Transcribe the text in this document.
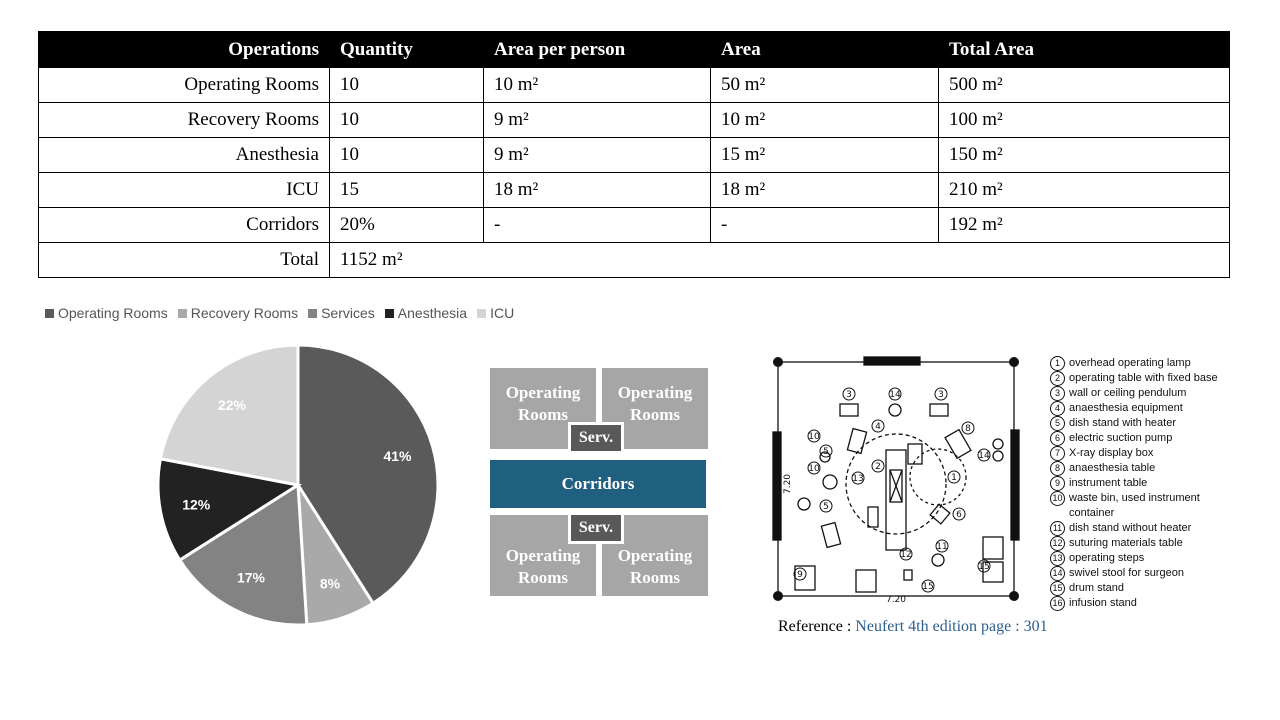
Operations	Quantity	Area per person	Area	Total Area
Operating Rooms	10	10 m²	50 m²	500 m²
Recovery Rooms	10	9 m²	10 m²	100 m²
Anesthesia	10	9 m²	15 m²	150 m²
ICU	15	18 m²	18 m²	210 m²
Corridors	20%	-	-	192 m²
Total	1152 m²			
Operating Rooms Recovery Rooms Services Anesthesia ICU
41%
8%
17%
12%
22%
Operating Rooms
Operating Rooms
Corridors
Operating Rooms
Operating Rooms
Serv.
Serv.
3	14	3
4
10
10
5
2
1
8
13
5
6
12
11
15
14
15
9
7.20
7.20
1 overhead operating lamp
2 operating table with fixed base
3 wall or ceiling pendulum
4 anaesthesia equipment
5 dish stand with heater
6 electric suction pump
7 X-ray display box
8 anaesthesia table
9 instrument table
10 waste bin, used instrument container
11 dish stand without heater
12 suturing materials table
13 operating steps
14 swivel stool for surgeon
15 drum stand
16 infusion stand
Reference : Neufert 4th edition page : 301
